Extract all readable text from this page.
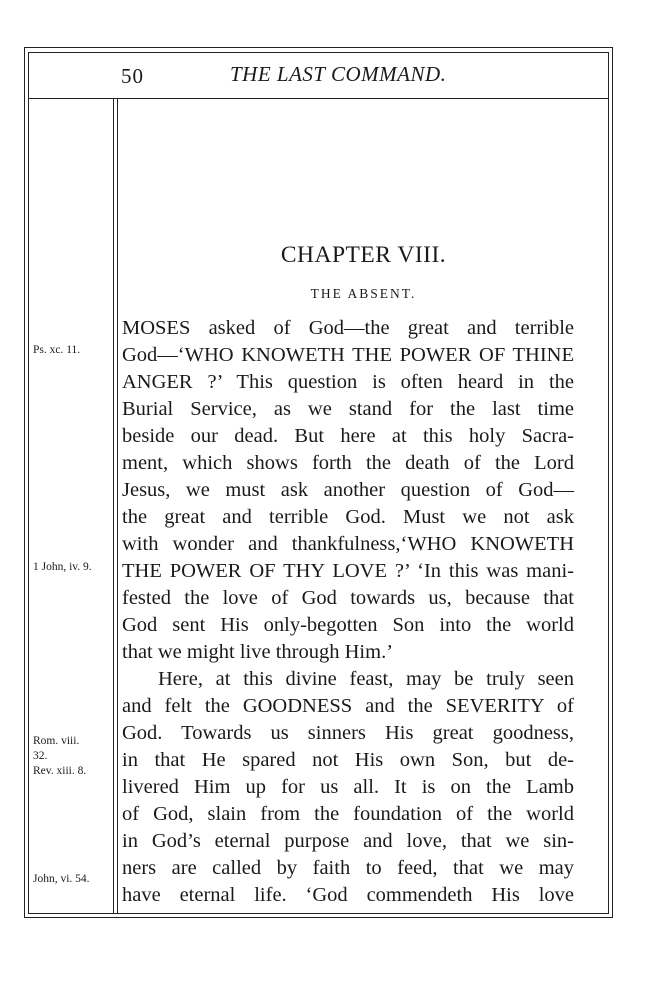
50	THE LAST COMMAND.
CHAPTER VIII.
THE ABSENT.
MOSES asked of God—the great and terrible
God—‘WHO KNOWETH THE POWER OF THINE
ANGER ?’ This question is often heard in the
Burial Service, as we stand for the last time
beside our dead. But here at this holy Sacra-
ment, which shows forth the death of the Lord
Jesus, we must ask another question of God—
the great and terrible God. Must we not ask
with wonder and thankfulness,‘WHO KNOWETH
THE POWER OF THY LOVE ?’ ‘In this was mani-
fested the love of God towards us, because that
God sent His only-begotten Son into the world
that we might live through Him.’
Here, at this divine feast, may be truly seen
and felt the GOODNESS and the SEVERITY of
God. Towards us sinners His great goodness,
in that He spared not His own Son, but de-
livered Him up for us all. It is on the Lamb
of God, slain from the foundation of the world
in God’s eternal purpose and love, that we sin-
ners are called by faith to feed, that we may
have eternal life. ‘God commendeth His love
Ps. xc. 11.
1 John, iv. 9.
Rom. viii.
32.
Rev. xiii. 8.
John, vi. 54.
